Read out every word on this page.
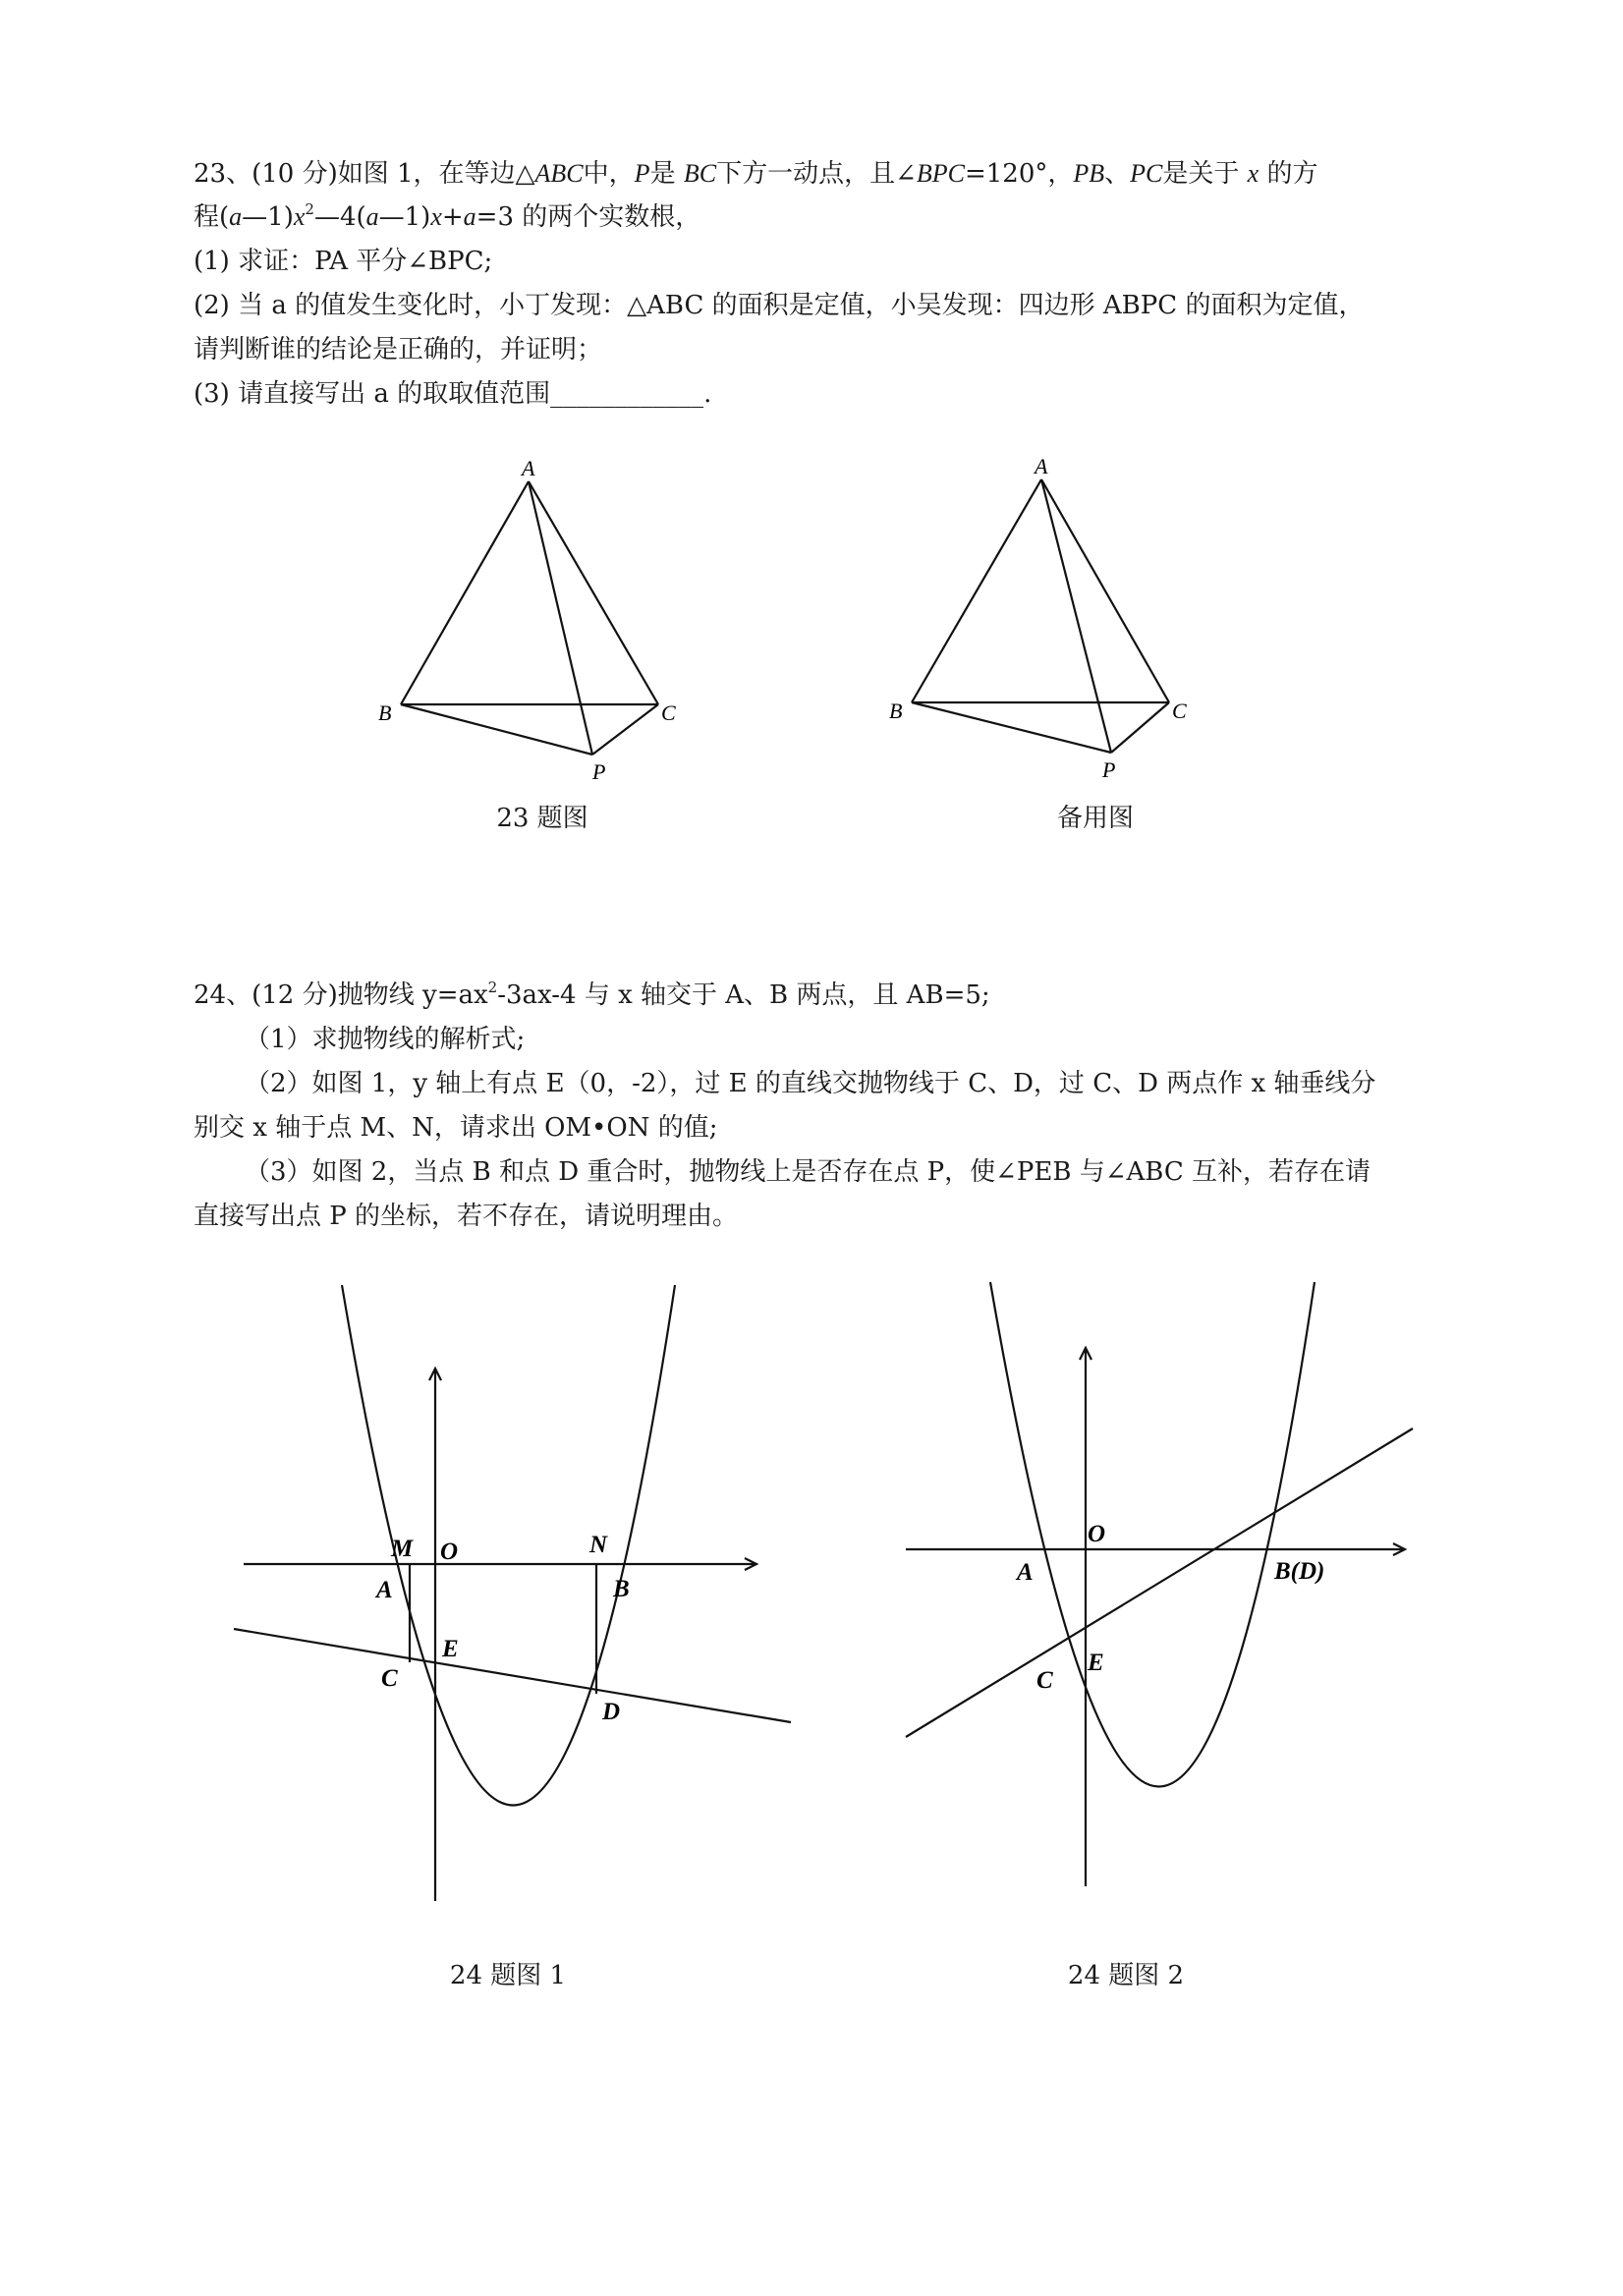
23、(10 分)如图 1，在等边△ABC中，P是 BC下方一动点，且∠BPC=120°，PB、PC是关于 x 的方
程$(a—1)x^2—4(a—1)x+a=3$ 的两个实数根，
(1) 求证：PA 平分∠BPC;
(2) 当 a 的值发生变化时，小丁发现：△ABC 的面积是定值，小吴发现：四边形 ABPC 的面积为定值，
请判断谁的结论是正确的，并证明；
(3) 请直接写出 a 的取取值范围____________.
A
B	C
P
23 题图
A
B	C
P
备用图
24、(12 分)抛物线 $y=ax^2-3ax-4$ 与 x 轴交于 A、B 两点，且 AB=5;
（1）求抛物线的解析式;
（2）如图 1，y 轴上有点 E（0，-2），过 E 的直线交抛物线于 C、D，过 C、D 两点作 x 轴垂线分
别交 x 轴于点 M、N，请求出 OM•ON 的值;
（3）如图 2，当点 B 和点 D 重合时，抛物线上是否存在点 P，使∠PEB 与∠ABC 互补，若存在请
直接写出点 P 的坐标，若不存在，请说明理由。
M O	N
A	B
E
C
D
24 题图 1
O
A	B(D)
C
E
24 题图 2
